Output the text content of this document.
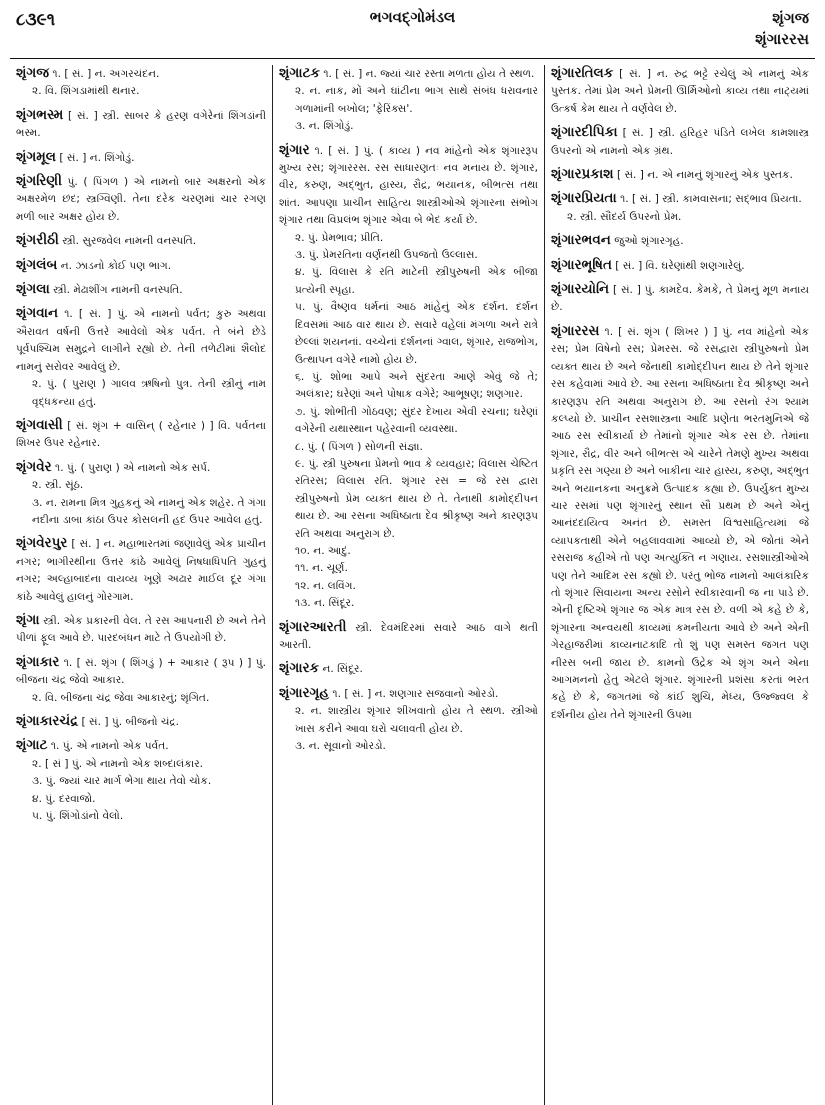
૮૩૯૧	ભગવદ્ગોમંડલ	શૃંગજ
શૃંગારરસ
શૃંગજ ૧. [ સં. ] ન. અગરચંદન.
૨. વિ. શિંગડામાંથી થનાર.
શૃંગભસ્મ [ સં. ] સ્ત્રી. સાબર કે હરણ વગેરેનાં શિંગડાંની ભસ્મ.
શૃંગમૂલ [ સં. ] ન. શિંગોડું.
શૃંગરિણી પું. ( પિંગળ ) એ નામનો બાર અક્ષરનો એક અક્ષરમેળ છંદ; સ્ત્રગ્વિણી. તેના દરેક ચરણમાં ચાર રગણ મળી બાર અક્ષર હોય છે.
શૃંગરીઠી સ્ત્રી. સુરજવેલ નામની વનસ્પતિ.
શૃંગલંબ ન. ઝાડનો કોઈ પણ ભાગ.
શૃંગલા સ્ત્રી. મેઢાશીંગ નામની વનસ્પતિ.
શૃંગવાન ૧. [ સં. ] પું. એ નામનો પર્વત; કુરુ અથવા ઐરાવત વર્ષની ઉત્તરે આવેલો એક પર્વત. તે બંને છેડે પૂર્વપશ્ચિમ સમુદ્રને લાગીને રહ્યો છે. તેની તળેટીમાં શૈલોદ નામનું સરોવર આવેલું છે.
૨. પું. ( પુરાણ ) ગાલવ ઋષિનો પુત્ર. તેની સ્ત્રીનું નામ વૃદ્ધકન્યા હતું.
શૃંગવાસી [ સં. શૃંગ + વાસિન્ ( રહેનાર ) ] વિ. પર્વતના શિખર ઉપર રહેનાર.
શૃંગવેર ૧. પું. ( પુરાણ ) એ નામનો એક સર્પ.
૨. સ્ત્રી. સૂંઠ.
૩. ન. રામના મિત્ર ગુહકનું એ નામનું એક શહેર. તે ગંગા નદીના ડાબા કાંઠા ઉપર કોસલની હદ ઉપર આવેલ હતું.
શૃંગવેરપુર [ સં. ] ન. મહાભારતમાં જણાવેલું એક પ્રાચીન નગર; ભાગીરથીના ઉત્તર કાંઠે આવેલું નિષધાધિપતિ ગુહનું નગર; અલ્હાબાદના વાયવ્ય ખૂણે અઢાર માઈલ દૂર ગંગા કાંઠે આવેલું હાલનું ગોરગામ.
શૃંગા સ્ત્રી. એક પ્રકારની વેલ. તે રસ આપનારી છે અને તેને પીળાં ફૂલ આવે છે. પારદબંધન માટે તે ઉપયોગી છે.
શૃંગાકાર ૧. [ સં. શૃંગ ( શિંગડું ) + આકાર ( રૂપ ) ] પું. બીજના ચંદ્ર જેવો આકાર.
૨. વિ. બીજના ચંદ્ર જેવા આકારનું; શૃંગિત.
શૃંગાકારચંદ્ર [ સં. ] પું. બીજનો ચંદ્ર.
શૃંગાટ ૧. પું. એ નામનો એક પર્વત.
૨. [ સં ] પું. એ નામનો એક શબ્દાલંકાર.
૩. પું. જ્યાં ચાર માર્ગ ભેગા થાય તેવો ચોક.
૪. પું. દરવાજો.
૫. પું. શિંગોડાંનો વેલો.
શૃંગાટક ૧. [ સં. ] ન. જ્યાં ચાર રસ્તા મળતા હોય તે સ્થળ.
૨. ન. નાક, મોં અને ઘાંટીના ભાગ સાથે સંબંધ ધરાવનાર ગળામાંની બખોલ; 'ફેરિંક્સ'.
૩. ન. શિંગોડું.
શૃંગાર ૧. [ સં. ] પું. ( કાવ્ય ) નવ માંહેનો એક શૃંગારરૂપ મુખ્ય રસ; શૃંગારરસ. રસ સાધારણતઃ નવ મનાય છે. શૃંગાર, વીર, કરુણ, અદ્ભુત, હાસ્ય, રૌદ્ર, ભયાનક, બીભત્સ તથા શાંત. આપણા પ્રાચીન સાહિત્ય શાસ્ત્રીઓએ શૃંગારના સંભોગ શૃંગાર તથા વિપ્રલંભ શૃંગાર એવા બે ભેદ કર્યા છે.
૨. પું. પ્રેમભાવ; પ્રીતિ.
૩. પું. પ્રેમરતિના વર્ણનથી ઉપજતો ઉલ્લાસ.
૪. પું. વિલાસ કે રતિ માટેની સ્ત્રીપુરુષની એક બીજા પ્રત્યેની સ્પૃહા.
૫. પું. વૈષ્ણવ ધર્મનાં આઠ માંહેનું એક દર્શન. દર્શન દિવસમાં આઠ વાર થાય છે. સવારે વહેલાં મંગળા અને રાત્રે છેલ્લાં શયનનાં. વચ્ચેનાં દર્શનનાં ગ્વાલ, શૃંગાર, રાજભોગ, ઉત્થાપન વગેરે નામો હોય છે.
૬. પું. શોભા આપે અને સુંદરતા આણે એવું જે તે; અલંકાર; ઘરેણાં અને પોષાક વગેરે; આભૂષણ; શણગાર.
૭. પું. શોભીતી ગોઠવણ; સુંદર દેખાય એવી રચના; ઘરેણાં વગેરેની યથાસ્થાન પહેરવાની વ્યવસ્થા.
૮. પું. ( પિંગળ ) સોળની સંજ્ઞા.
૯. પું. સ્ત્રી પુરુષના પ્રેમનો ભાવ કે વ્યવહાર; વિલાસ ચેષ્ટિત રતિરસ; વિલાસ રતિ. શૃંગાર રસ = જે રસ દ્વારા સ્ત્રીપુરુષનો પ્રેમ વ્યક્ત થાય છે તે. તેનાથી કામોદ્દીપન થાય છે. આ રસના અધિષ્ઠાતા દેવ શ્રીકૃષ્ણ અને કારણરૂપ રતિ અથવા અનુરાગ છે.
૧૦. ન. આદું.
૧૧. ન. ચૂર્ણ.
૧૨. ન. લવિંગ.
૧૩. ન. સિંદૂર.
શૃંગારઆરતી સ્ત્રી. દેવમંદિરમાં સવારે આઠ વાગે થતી આરતી.
શૃંગારક ન. સિંદૂર.
શૃંગારગૃહ ૧. [ સં. ] ન. શણગાર સજવાનો ઓરડો.
૨. ન. શાસ્ત્રીય શૃંગાર શીખવાતો હોય તે સ્થળ. સ્ત્રીઓ ખાસ કરીને આવા ઘરો ચલાવતી હોય છે.
૩. ન. સૂવાનો ઓરડો.
શૃંગારતિલક [ સં. ] ન. રુદ્ર ભટ્ટે રચેલું એ નામનું એક પુસ્તક. તેમાં પ્રેમ અને પ્રેમની ઊર્મિઓનો કાવ્ય તથા નાટ્યમાં ઉત્કર્ષ કેમ થાય તે વર્ણવેલ છે.
શૃંગારદીપિકા [ સં. ] સ્ત્રી. હરિહર પંડિતે લખેલ કામશાસ્ત્ર ઉપરનો એ નામનો એક ગ્રંથ.
શૃંગારપ્રકાશ [ સં. ] ન. એ નામનું શૃંગારનું એક પુસ્તક.
શૃંગારપ્રિયતા ૧. [ સં. ] સ્ત્રી. કામવાસના; સદ્ભાવ પ્રિયતા.
૨. સ્ત્રી. સૌંદર્ય ઉપરનો પ્રેમ.
શૃંગારભવન જુઓ શૃંગારગૃહ.
શૃંગારભૂષિત [ સં. ] વિ. ઘરેણાંથી શણગારેલું.
શૃંગારયોનિ [ સં. ] પું. કામદેવ. કેમકે, તે પ્રેમનું મૂળ મનાય છે.
શૃંગારરસ ૧. [ સં. શૃંગ ( શિખર ) ] પું. નવ માંહેનો એક રસ; પ્રેમ વિષેનો રસ; પ્રેમરસ. જે રસદ્વારા સ્ત્રીપુરુષનો પ્રેમ વ્યક્ત થાય છે અને જેનાથી કામોદ્દીપન થાય છે તેને શૃંગાર રસ કહેવામાં આવે છે. આ રસના અધિષ્ઠાતા દેવ શ્રીકૃષ્ણ અને કારણરૂપ રતિ અથવા અનુરાગ છે. આ રસનો રંગ શ્યામ કલ્પ્યો છે. પ્રાચીન રસશાસ્ત્રના આદિ પ્રણેતા ભરતમુનિએ જે આઠ રસ સ્વીકાર્યા છે તેમાંનો શૃંગાર એક રસ છે. તેમાંના શૃંગાર, રૌદ્ર, વીર અને બીભત્સ એ ચારેને તેમણે મુખ્ય અથવા પ્રકૃતિ રસ ગણ્યા છે અને બાકીના ચાર હાસ્ય, કરુણ, અદ્ભુત અને ભયાનકના અનુક્રમે ઉત્પાદક કહ્યા છે. ઉપર્યુક્ત મુખ્ય ચાર રસમાં પણ શૃંગારનું સ્થાન સૌ પ્રથમ છે અને એનું આનંદદાયિત્વ અનંત છે. સમસ્ત વિશ્વસાહિત્યમાં જે વ્યાપકતાથી એને બહલાવવામાં આવ્યો છે, એ જોતાં એને રસરાજ કહીએ તો પણ અત્યુક્તિ ન ગણાય. રસશાસ્ત્રીઓએ પણ તેને આદિમ રસ કહ્યો છે. પરંતુ ભોજ નામનો આલંકારિક તો શૃંગાર સિવાયના અન્ય રસોને સ્વીકારવાની જ ના પાડે છે. એની દૃષ્ટિએ શૃંગાર જ એક માત્ર રસ છે. વળી એ કહે છે કે, શૃંગારના અન્વયથી કાવ્યમાં કમનીયતા આવે છે અને એની ગેરહાજરીમાં કાવ્યનાટકાદિ તો શું પણ સમસ્ત જગત પણ નીરસ બની જાય છે. કામનો ઉદ્રેક એ શૃંગ અને એના આગમનનો હેતુ એટલે શૃંગાર. શૃંગારની પ્રશંસા કરતાં ભરત કહે છે કે, જગતમાં જે કાંઈ શુચિ, મેધ્ય, ઉજ્જ્વલ કે દર્શનીય હોય તેને શૃંગારની ઉપમા
